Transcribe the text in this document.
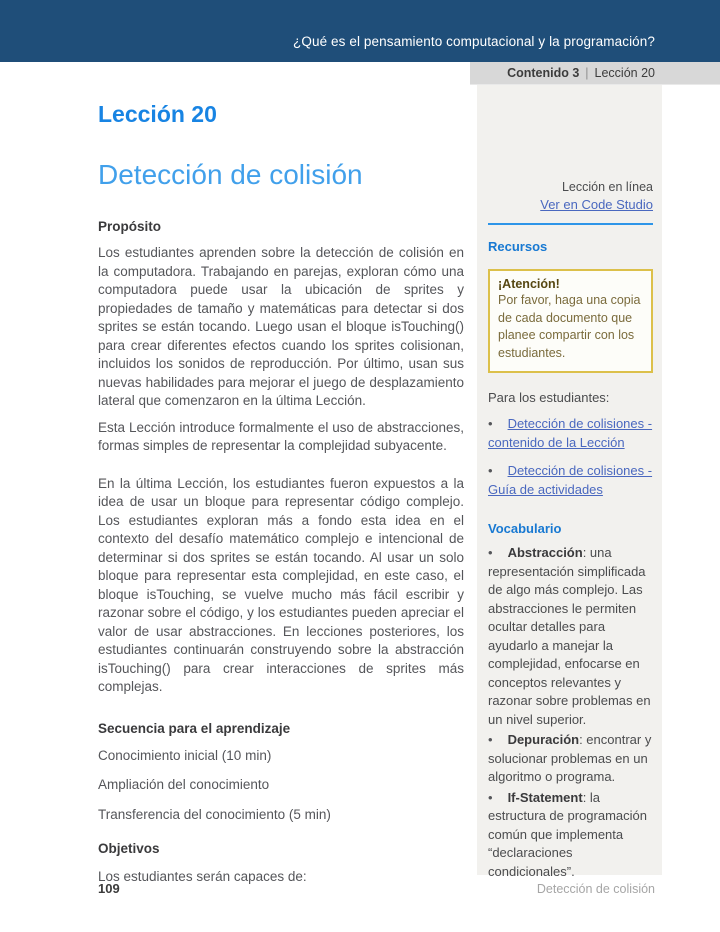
¿Qué es el pensamiento computacional y la programación?
Contenido 3 | Lección 20
Lección 20
Detección de colisión
Propósito

Los estudiantes aprenden sobre la detección de colisión en la computadora. Trabajando en parejas, exploran cómo una computadora puede usar la ubicación de sprites y propiedades de tamaño y matemáticas para detectar si dos sprites se están tocando. Luego usan el bloque isTouching() para crear diferentes efectos cuando los sprites colisionan, incluidos los sonidos de reproducción. Por último, usan sus nuevas habilidades para mejorar el juego de desplazamiento lateral que comenzaron en la última Lección.

Esta Lección introduce formalmente el uso de abstracciones, formas simples de representar la complejidad subyacente.

En la última Lección, los estudiantes fueron expuestos a la idea de usar un bloque para representar código complejo. Los estudiantes exploran más a fondo esta idea en el contexto del desafío matemático complejo e intencional de determinar si dos sprites se están tocando. Al usar un solo bloque para representar esta complejidad, en este caso, el bloque isTouching, se vuelve mucho más fácil escribir y razonar sobre el código, y los estudiantes pueden apreciar el valor de usar abstracciones. En lecciones posteriores, los estudiantes continuarán construyendo sobre la abstracción isTouching() para crear interacciones de sprites más complejas.

Secuencia para el aprendizaje

Conocimiento inicial (10 min)

Ampliación del conocimiento

Transferencia del conocimiento (5 min)

Objetivos

Los estudiantes serán capaces de:

Lección en línea
Ver en Code Studio
Recursos
¡Atención!
Por favor, haga una copia de cada documento que planee compartir con los estudiantes.
Para los estudiantes:
• Detección de colisiones - contenido de la Lección
• Detección de colisiones - Guía de actividades
Vocabulario
• Abstracción: una representación simplificada de algo más complejo. Las abstracciones le permiten ocultar detalles para ayudarlo a manejar la complejidad, enfocarse en conceptos relevantes y razonar sobre problemas en un nivel superior.
• Depuración: encontrar y solucionar problemas en un algoritmo o programa.
• If-Statement: la estructura de programación común que implementa “declaraciones condicionales”.
109	Detección de colisión
